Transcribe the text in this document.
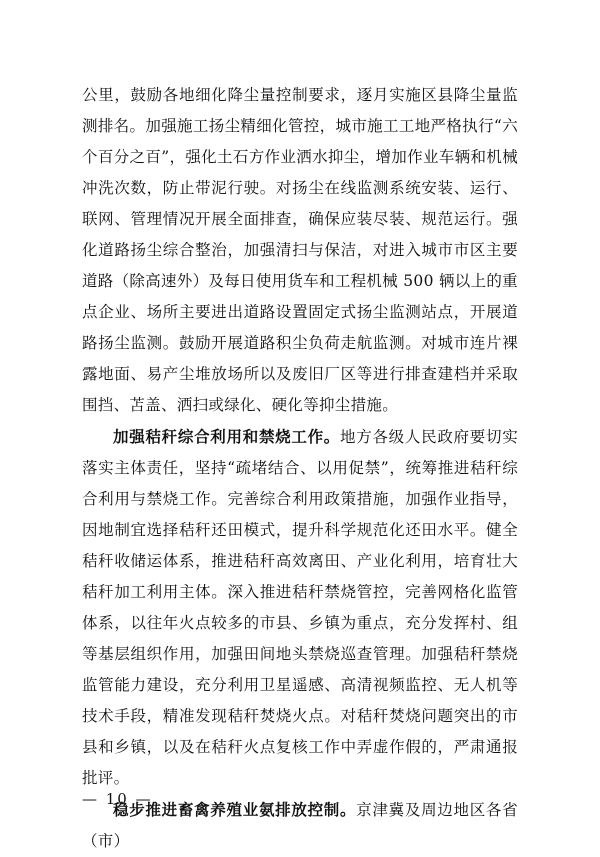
公里，鼓励各地细化降尘量控制要求，逐月实施区县降尘量监测排名。加强施工扬尘精细化管控，城市施工工地严格执行“六个百分之百”，强化土石方作业洒水抑尘，增加作业车辆和机械冲洗次数，防止带泥行驶。对扬尘在线监测系统安装、运行、联网、管理情况开展全面排查，确保应装尽装、规范运行。强化道路扬尘综合整治，加强清扫与保洁，对进入城市市区主要道路（除高速外）及每日使用货车和工程机械 500 辆以上的重点企业、场所主要进出道路设置固定式扬尘监测站点，开展道路扬尘监测。鼓励开展道路积尘负荷走航监测。对城市连片裸露地面、易产尘堆放场所以及废旧厂区等进行排查建档并采取围挡、苫盖、洒扫或绿化、硬化等抑尘措施。

加强秸秆综合利用和禁烧工作。地方各级人民政府要切实落实主体责任，坚持“疏堵结合、以用促禁”，统筹推进秸秆综合利用与禁烧工作。完善综合利用政策措施，加强作业指导，因地制宜选择秸秆还田模式，提升科学规范化还田水平。健全秸秆收储运体系，推进秸秆高效离田、产业化利用，培育壮大秸秆加工利用主体。深入推进秸秆禁烧管控，完善网格化监管体系，以往年火点较多的市县、乡镇为重点，充分发挥村、组等基层组织作用，加强田间地头禁烧巡查管理。加强秸秆禁烧监管能力建设，充分利用卫星遥感、高清视频监控、无人机等技术手段，精准发现秸秆焚烧火点。对秸秆焚烧问题突出的市县和乡镇，以及在秸秆火点复核工作中弄虚作假的，严肃通报批评。

稳步推进畜禽养殖业氨排放控制。京津冀及周边地区各省（市）

— 10 —
